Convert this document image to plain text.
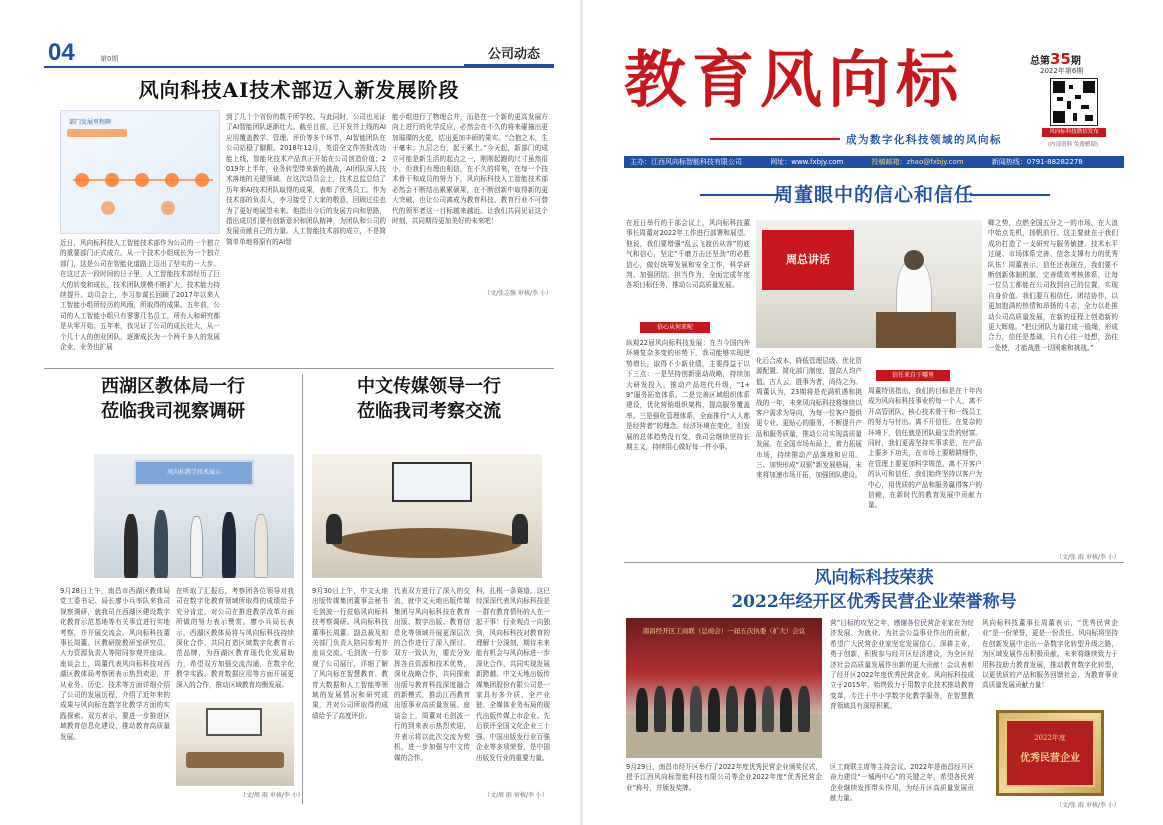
04	第0期	公司动态
风向科技AI技术部迈入新发展阶段
部门发展里程碑
近日，风向标科技人工智能技术部作为公司的一个独立的重要部门正式成立。从一个技术小组成长为一个独立部门，这是公司在智能化道路上迈出了坚实的一大步。在这过去一段时间的日子里，人工智能技术部经历了巨大的转变和成长，技术团队规模不断扩大，技术能力持续提升。动员会上，李习参谋长回顾了2017年以来人工智能小组所经历的风雨，所取得的成果。五年前，公司的人工智能小组只有寥寥几名员工，所有人和研究都是从零开始。五年来，我见证了公司的成长壮大，从一个几十人的创业团队，逐渐成长为一个两千多人的发展企业，业务也扩展
到了几十个省份的数千所学校。与此同时，公司也见证了AI智能团队逐渐壮大。截至目前，已开发并上线的AI应用覆盖教学、管理、评价等多个环节，AI智能团队在公司站稳了脚跟。2018年12月，英语全文作答批改功能上线，智能化技术产品真正开始在公司创造价值；2019年上半年，业务转型带来新的挑战，AI团队深入技术落地的关键领域。在这次动员会上，技术总监总结了历年来AI技术团队取得的成果，表彰了优秀员工。作为技术部的负责人，李习接受了大家的敬意，回顾过往也为了更好地展望未来。他指出今后的发展方向和思路，指出成员们要有创新意识和团队精神，为团队和公司的发展贡献自己的力量。人工智能技术部的成立，不是简简单单地将原有的AI智
能小组进行了物理合并，而是在一个新的更高发展方向上进行的化学反应，必然会在不久的将来碰撞出更加璀璨的火花，结出更加丰硕的果实。“合抱之木，生于毫末；九层之台，起于累土。”今天起，新部门的成立可能是新生活的起点之一，刚刚起跑的尺寸虽然很小，但我们有理由相信，在不久的将来，在每一个技术骨干和成员的努力下，风向标科技人工智能技术部必然会不断结出累累硕果，在不断创新中取得新的更大突破，也让公司离成为教育科技、教育行业不可替代的领军者这一目标越来越近。让我们共同见证这个时刻，共同期待更加美好的未来吧！
（文/张志强 审核/李 小）
西湖区教体局一行
莅临我司视察调研
风向标教学技术展示
9月28日上午，南昌市西湖区教体局党工委书记、局长廖小兵率队来我司视察调研，就我司在西湖区建设数字化教育示范基地等有关事宜进行实地考察，并开展交流会。风向标科技董事长周董、区教研院教研室研究员、人力资源负责人等陪同参观并座谈。座谈会上，周董代表风向标科技对西湖区教体局考察团表示热烈欢迎，并从业务、历史、技术等方面详细介绍了公司的发展历程，介绍了近年来的成果与风向标在数字化教学方面的实践探索。双方表示，要进一步推进区域教育信息化建设，推动教育高质量发展。
在听取了汇报后，考察团各位领导对我司在数字化教育领域所取得的成绩给予充分肯定，对公司在推进教学改革方面所做的努力表示赞赏。廖小兵局长表示，西湖区教体局将与风向标科技持续深化合作，共同打造区域数字化教育示范品牌，为西湖区教育现代化发展助力，希望双方加强交流沟通，在数字化教学实践、教育数据应用等方面开展更深入的合作，推动区域教育均衡发展。
（文/周 雨 审核/李 小）
中文传媒领导一行
莅临我司考察交流
9月30日上午，中文天地出版传媒集团董事会秘书毛剑波一行莅临风向标科技考察调研。风向标科技董事长周董、副总裁及相关部门负责人陪同参观并座谈交流。毛剑波一行参观了公司展厅，详细了解了风向标在智慧教育、教育大数据和人工智能等领域的发展情况和研究成果，并对公司所取得的成绩给予了高度评价。
代表双方进行了深入的交流，就中文天地出版传媒集团与风向标科技在教育出版、数字出版、教育信息化等领域开展更深层次的合作进行了深入探讨。双方一致认为，要充分发挥各自资源和技术优势，深化战略合作，共同探索出版与教育科技深度融合的新模式，推动江西教育出版事业高质量发展。座谈会上，周董对毛剑波一行的到来表示热烈欢迎，并表示将以此次交流为契机，进一步加强与中文传媒的合作。
科，扎根一条赛道，这已经深深代表风向标科技是一群有教育情怀的人在一起干事！行业观点一向独到，风向标科技对教育的理解十分深刻，期待未来能有机会与风向标进一步深化合作，共同实现发展新跨越。中文天地出版传媒集团股份有限公司是一家具有多介质、全产业链、全媒体业务布局的现代出版传媒上市企业。先后获评全国文化企业三十强、中国出版发行业百强企业等多项荣誉，是中国出版发行业的重要力量。
（文/周 雨 审核/李 小）
教育风向标	总第35期
2022年第6期
风向标科技微信发布
(内部资料 免费赠阅)
成为数字化科技领域的风向标
主办：江西风向标智能科技有限公司	网址：www.fxbjy.com	投稿邮箱：zhao@fxbjy.com	新闻热线：0791-88282278
周董眼中的信心和信任
在近日举行的干部会议上，风向标科技董事长周董对2022年工作进行部署和展望。他说，我们要增强“乱云飞渡仍从容”的底气和信心，坚定“千磨万击还坚劲”的必胜信心，做好统筹发展和安全工作，科学研判、加强团结、担当作为，全面完成年度各项目标任务，推动公司高质量发展。
周总讲话
卿之势，点燃全国五分之一的市场，在大浪中始点先机，扬帆前行。这主要就在于我们成功打造了一支研究与服务敏捷、技术水平过硬、市场体系完善、信念支撑有力的优秀队伍！周董表示，信任还表现在，我们要不断创新体制机制，完善绩效考核体系，让每一位员工都能在公司找到自己的位置，实现自身价值。我们要互相信任、团结协作，以更加饱满的热情和昂扬的斗志，全力以赴推动公司高质量发展，在新的征程上创造新的更大辉煌。“把让团队力量打成一股绳，形成合力，信任是基础，只有心往一处想，劲往一处使，才能战胜一切困难和挑战。”
信心从何来呢
纵观22届风向标科技发展：在当今国内外环境复杂多变的形势下，我司能够实现逆势增长，取得不少新业绩，主要得益于以下三点：一是坚持创新驱动战略，持续加大研发投入，推动产品迭代升级，“1+9”服务拓宽体系。二是完善区域组织体系建设，优化营销组织架构，提高服务覆盖率。三是强化管理体系，全面推行“人人都是经营者”的理念。经济环境在变化，但发展的总体趋势没有变，我司会继续坚持长期主义，持续用心做好每一件小事。
化后合成本、降低管理层级、优化资源配置、简化部门制度，提高人均产值。古人云，胜事为者，尚待之为。周董认为，23期将是充满机遇和挑战的一年，未来风向标科技将继续以客户需求为导向，为每一位客户提供更专业、更贴心的服务，不断提升产品和服务质量，推动公司实现高质量发展。在全国市场布局上，着力拓展市场，持续推动产品落地和应用。三、加快形成“双驱”新发展格局，未来将加速市场开拓，加强团队建设。
信任来自于哪里
周董特别指出，我们的目标是在十年内成为风向标科技事业的每一个人，离不开高管团队、核心技术骨干和一线员工的努力与付出。离不开信任。在复杂的环境下，信任就是团队最宝贵的财富。同时，我们更需坚持实事求是，在产品上要多下功夫，在市场上要精耕细作，在管理上要更加科学规范。离不开客户的认可和信任，我们始终坚持以客户为中心，用优质的产品和服务赢得客户的信赖，在新时代的教育发展中贡献力量。
（文/张 雨 审核/李 小）
风向标科技荣获
2022年经开区优秀民营企业荣誉称号
南昌经开区工商联（总商会）一届五次执委（扩大）会议
9月29日，南昌市经开区举行了2022年度优秀民营企业颁奖仪式，授予江西风向标智能科技有限公司等企业2022年度“优秀民营企业”称号，并颁发奖牌。
营”目标的攻坚之年，感谢各位民营企业家在为经济发展、为就业、为社会公益事业作出的贡献，希望广大民营企业家坚定发展信心，深耕主业，勇于创新，积极参与经开区经济建设，为全区经济社会高质量发展作出新的更大贡献！会议表彰了经开区2022年度优秀民营企业。风向标科技成立于2015年，始终致力于用数字化技术推动教育变革，专注于中小学数字化教学服务，在智慧教育领域具有深厚积累。
区工商联主席等主持会议。2022年是南昌经开区奋力建设“一城两中心”的关键之年，希望各民营企业继续发挥带头作用，为经开区高质量发展贡献力量。
风向标科技董事长周董表示，“优秀民营企业”是一份荣誉，更是一份责任。风向标将坚持在创新发展中走出一条数字化转型升级之路，为区域发展作出积极贡献。未来将继续致力于用科技助力教育发展，推动教育数字化转型，以更优质的产品和服务回馈社会，为教育事业高质量发展贡献力量！
2022年度
优秀民营企业
（文/张 雨 审核/李 小）
